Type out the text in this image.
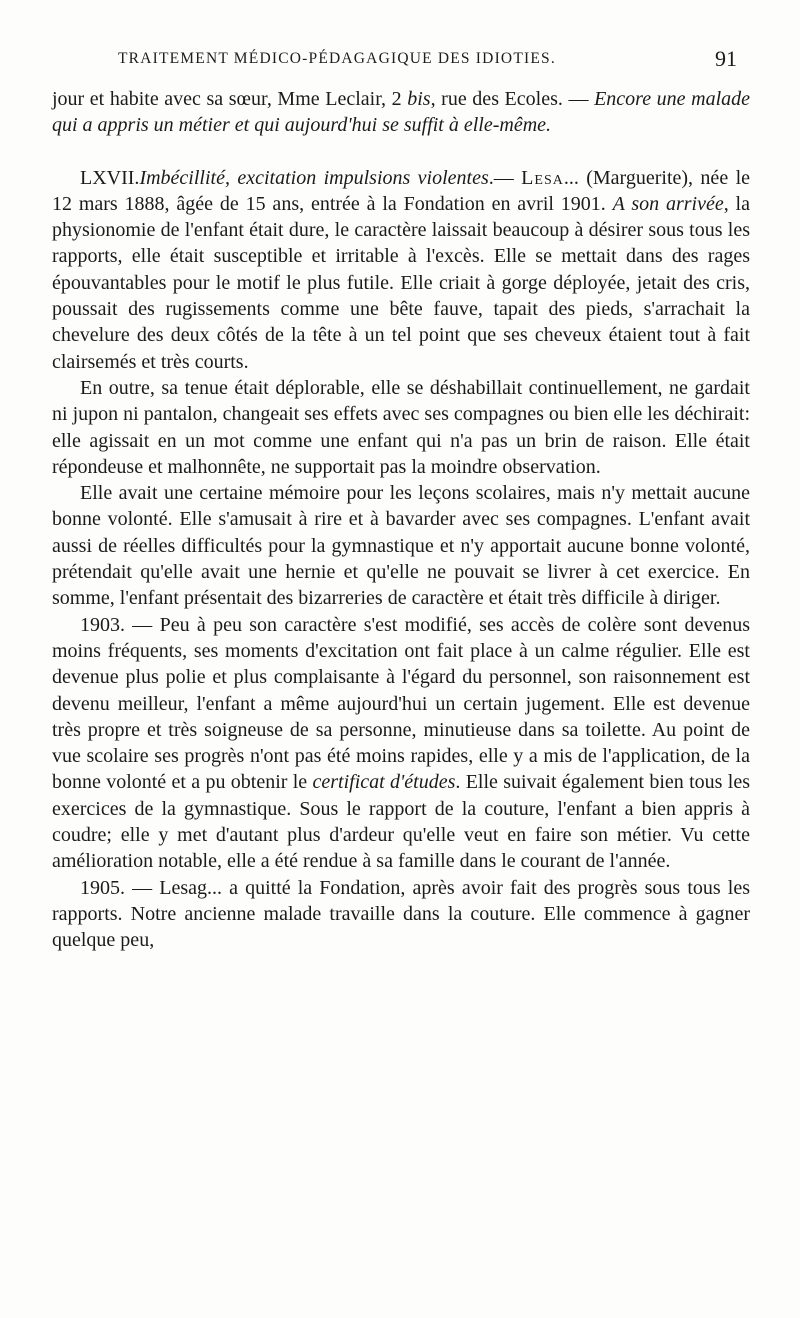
TRAITEMENT MÉDICO-PÉDAGAGIQUE DES IDIOTIES.	91

jour et habite avec sa sœur, Mme Leclair, 2 bis, rue des Ecoles. — Encore une malade qui a appris un métier et qui aujourd'hui se suffit à elle-même.

LXVII.Imbécillité, excitation impulsions violentes.— Lesa... (Marguerite), née le 12 mars 1888, âgée de 15 ans, entrée à la Fondation en avril 1901. A son arrivée, la physionomie de l'enfant était dure, le caractère laissait beaucoup à désirer sous tous les rapports, elle était susceptible et irritable à l'excès. Elle se mettait dans des rages épouvantables pour le motif le plus futile. Elle criait à gorge déployée, jetait des cris, poussait des rugissements comme une bête fauve, tapait des pieds, s'arrachait la chevelure des deux côtés de la tête à un tel point que ses cheveux étaient tout à fait clairsemés et très courts.

En outre, sa tenue était déplorable, elle se déshabillait continuellement, ne gardait ni jupon ni pantalon, changeait ses effets avec ses compagnes ou bien elle les déchirait: elle agissait en un mot comme une enfant qui n'a pas un brin de raison. Elle était répondeuse et malhonnête, ne supportait pas la moindre observation.

Elle avait une certaine mémoire pour les leçons scolaires, mais n'y mettait aucune bonne volonté. Elle s'amusait à rire et à bavarder avec ses compagnes. L'enfant avait aussi de réelles difficultés pour la gymnastique et n'y apportait aucune bonne volonté, prétendait qu'elle avait une hernie et qu'elle ne pouvait se livrer à cet exercice. En somme, l'enfant présentait des bizarreries de caractère et était très difficile à diriger.

1903. — Peu à peu son caractère s'est modifié, ses accès de colère sont devenus moins fréquents, ses moments d'excitation ont fait place à un calme régulier. Elle est devenue plus polie et plus complaisante à l'égard du personnel, son raisonnement est devenu meilleur, l'enfant a même aujourd'hui un certain jugement. Elle est devenue très propre et très soigneuse de sa personne, minutieuse dans sa toilette. Au point de vue scolaire ses progrès n'ont pas été moins rapides, elle y a mis de l'application, de la bonne volonté et a pu obtenir le certificat d'études. Elle suivait également bien tous les exercices de la gymnastique. Sous le rapport de la couture, l'enfant a bien appris à coudre; elle y met d'autant plus d'ardeur qu'elle veut en faire son métier. Vu cette amélioration notable, elle a été rendue à sa famille dans le courant de l'année.

1905. — Lesag... a quitté la Fondation, après avoir fait des progrès sous tous les rapports. Notre ancienne malade travaille dans la couture. Elle commence à gagner quelque peu,
